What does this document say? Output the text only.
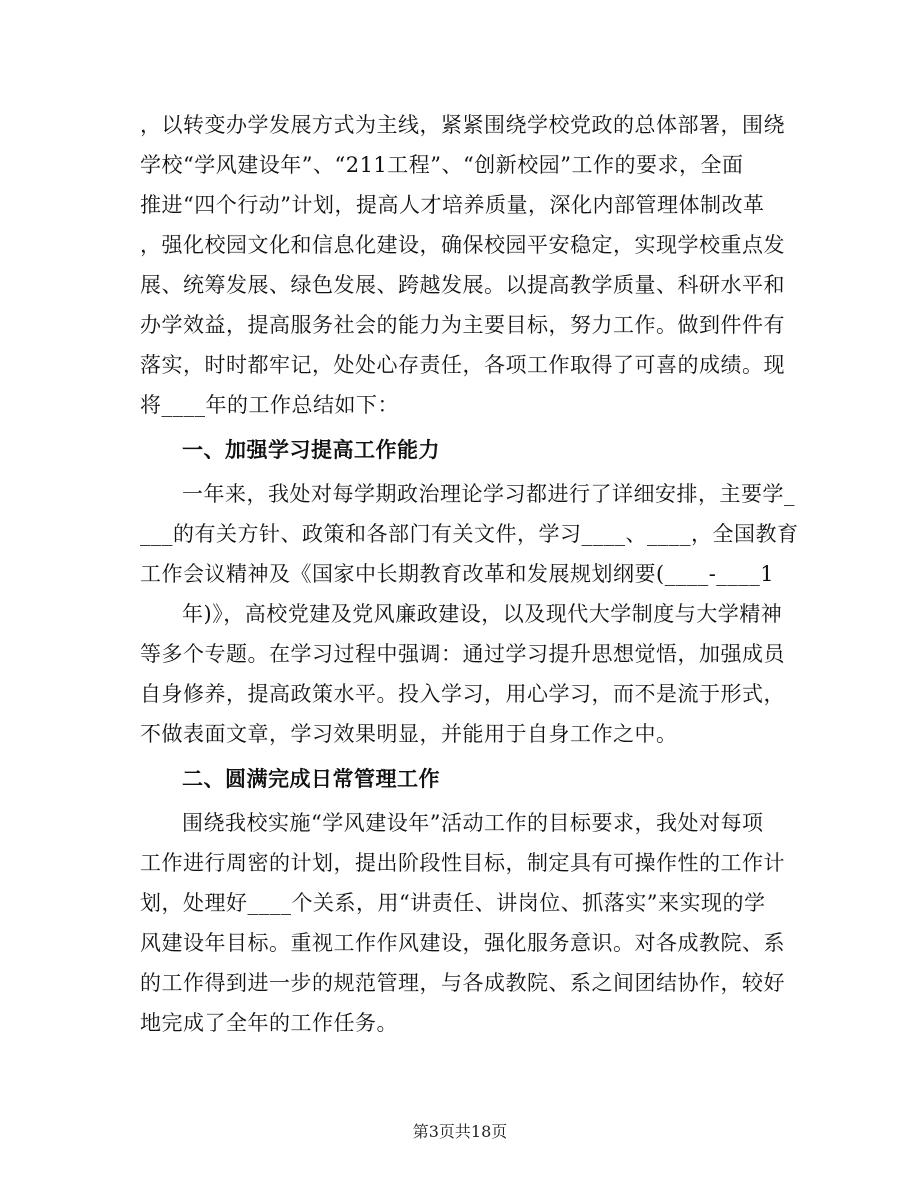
，以转变办学发展方式为主线，紧紧围绕学校党政的总体部署，围绕
学校“学风建设年”、“211工程”、“创新校园”工作的要求，全面
推进“四个行动”计划，提高人才培养质量，深化内部管理体制改革
，强化校园文化和信息化建设，确保校园平安稳定，实现学校重点发
展、统筹发展、绿色发展、跨越发展。以提高教学质量、科研水平和
办学效益，提高服务社会的能力为主要目标，努力工作。做到件件有
落实，时时都牢记，处处心存责任，各项工作取得了可喜的成绩。现
将____年的工作总结如下：
一、加强学习提高工作能力
一年来，我处对每学期政治理论学习都进行了详细安排，主要学_
___的有关方针、政策和各部门有关文件，学习____、____，全国教育
工作会议精神及《国家中长期教育改革和发展规划纲要(____-____1
年)》，高校党建及党风廉政建设，以及现代大学制度与大学精神
等多个专题。在学习过程中强调：通过学习提升思想觉悟，加强成员
自身修养，提高政策水平。投入学习，用心学习，而不是流于形式，
不做表面文章，学习效果明显，并能用于自身工作之中。
二、圆满完成日常管理工作
围绕我校实施“学风建设年”活动工作的目标要求，我处对每项
工作进行周密的计划，提出阶段性目标，制定具有可操作性的工作计
划，处理好____个关系，用“讲责任、讲岗位、抓落实”来实现的学
风建设年目标。重视工作作风建设，强化服务意识。对各成教院、系
的工作得到进一步的规范管理，与各成教院、系之间团结协作，较好
地完成了全年的工作任务。
第3页共18页
